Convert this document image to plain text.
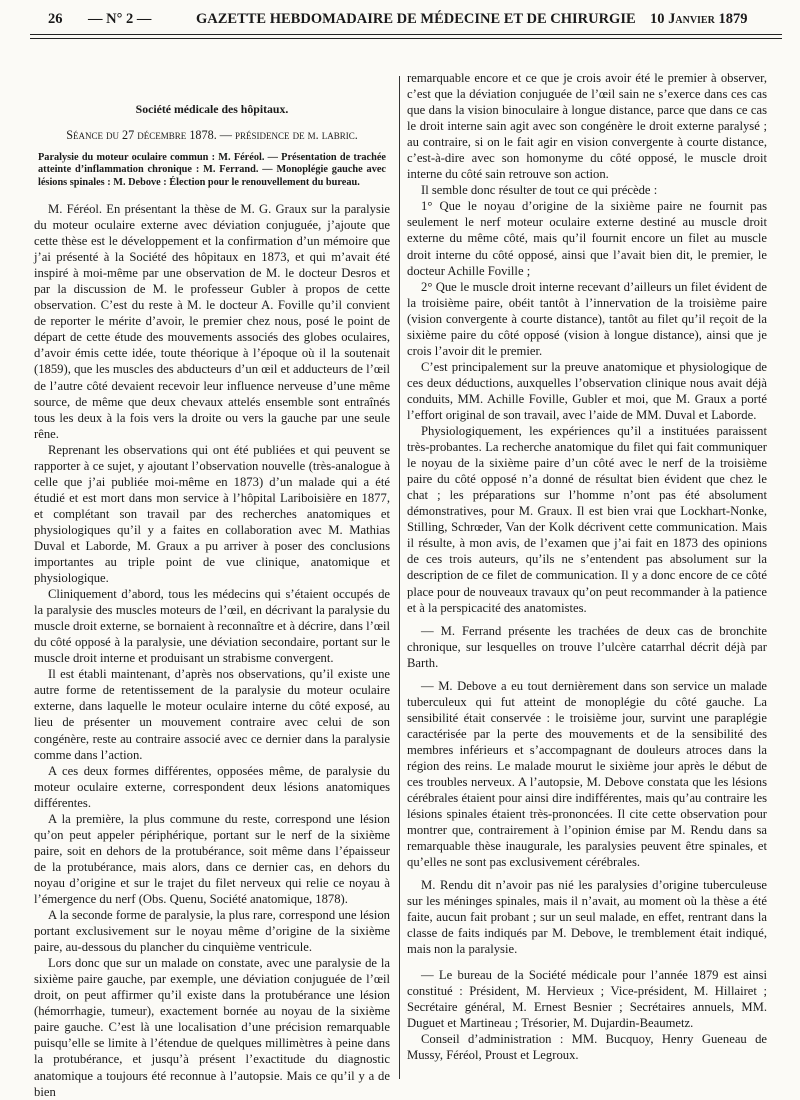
26 — N° 2 —	GAZETTE HEBDOMADAIRE DE MÉDECINE ET DE CHIRURGIE 10 Janvier 1879

Société médicale des hôpitaux.

Séance du 27 décembre 1878. — présidence de m. labric.

Paralysie du moteur oculaire commun : M. Féréol. — Présentation de trachée atteinte d’inflammation chronique : M. Ferrand. — Monoplégie gauche avec lésions spinales : M. Debove : Élection pour le renouvellement du bureau.

M. Féréol. En présentant la thèse de M. G. Graux sur la paralysie du moteur oculaire externe avec déviation conjuguée, j’ajoute que cette thèse est le développement et la confirmation d’un mémoire que j’ai présenté à la Société des hôpitaux en 1873, et qui m’avait été inspiré à moi-même par une observation de M. le docteur Desros et par la discussion de M. le professeur Gubler à propos de cette observation. C’est du reste à M. le docteur A. Foville qu’il convient de reporter le mérite d’avoir, le premier chez nous, posé le point de départ de cette étude des mouvements associés des globes oculaires, d’avoir émis cette idée, toute théorique à l’époque où il la soutenait (1859), que les muscles des abducteurs d’un œil et adducteurs de l’œil de l’autre côté devaient recevoir leur influence nerveuse d’une même source, de même que deux chevaux attelés ensemble sont entraînés tous les deux à la fois vers la droite ou vers la gauche par une seule rêne.

Reprenant les observations qui ont été publiées et qui peuvent se rapporter à ce sujet, y ajoutant l’observation nouvelle (très-analogue à celle que j’ai publiée moi-même en 1873) d’un malade qui a été étudié et est mort dans mon service à l’hôpital Lariboisière en 1877, et complétant son travail par des recherches anatomiques et physiologiques qu’il y a faites en collaboration avec M. Mathias Duval et Laborde, M. Graux a pu arriver à poser des conclusions importantes au triple point de vue clinique, anatomique et physiologique.

Cliniquement d’abord, tous les médecins qui s’étaient occupés de la paralysie des muscles moteurs de l’œil, en décrivant la paralysie du muscle droit externe, se bornaient à reconnaître et à décrire, dans l’œil du côté opposé à la paralysie, une déviation secondaire, portant sur le muscle droit interne et produisant un strabisme convergent.

Il est établi maintenant, d’après nos observations, qu’il existe une autre forme de retentissement de la paralysie du moteur oculaire externe, dans laquelle le moteur oculaire interne du côté exposé, au lieu de présenter un mouvement contraire avec celui de son congénère, reste au contraire associé avec ce dernier dans la paralysie comme dans l’action.

A ces deux formes différentes, opposées même, de paralysie du moteur oculaire externe, correspondent deux lésions anatomiques différentes.

A la première, la plus commune du reste, correspond une lésion qu’on peut appeler périphérique, portant sur le nerf de la sixième paire, soit en dehors de la protubérance, soit même dans l’épaisseur de la protubérance, mais alors, dans ce dernier cas, en dehors du noyau d’origine et sur le trajet du filet nerveux qui relie ce noyau à l’émergence du nerf (Obs. Quenu, Société anatomique, 1878).

A la seconde forme de paralysie, la plus rare, correspond une lésion portant exclusivement sur le noyau même d’origine de la sixième paire, au-dessous du plancher du cinquième ventricule.

Lors donc que sur un malade on constate, avec une paralysie de la sixième paire gauche, par exemple, une déviation conjuguée de l’œil droit, on peut affirmer qu’il existe dans la protubérance une lésion (hémorrhagie, tumeur), exactement bornée au noyau de la sixième paire gauche. C’est là une localisation d’une précision remarquable puisqu’elle se limite à l’étendue de quelques millimètres à peine dans la protubérance, et jusqu’à présent l’exactitude du diagnostic anatomique a toujours été reconnue à l’autopsie. Mais ce qu’il y a de bien

remarquable encore et ce que je crois avoir été le premier à observer, c’est que la déviation conjuguée de l’œil sain ne s’exerce dans ces cas que dans la vision binoculaire à longue distance, parce que dans ce cas le droit interne sain agit avec son congénère le droit externe paralysé ; au contraire, si on le fait agir en vision convergente à courte distance, c’est-à-dire avec son homonyme du côté opposé, le muscle droit interne du côté sain retrouve son action.

Il semble donc résulter de tout ce qui précède :

1° Que le noyau d’origine de la sixième paire ne fournit pas seulement le nerf moteur oculaire externe destiné au muscle droit externe du même côté, mais qu’il fournit encore un filet au muscle droit interne du côté opposé, ainsi que l’avait bien dit, le premier, le docteur Achille Foville ;

2° Que le muscle droit interne recevant d’ailleurs un filet évident de la troisième paire, obéit tantôt à l’innervation de la troisième paire (vision convergente à courte distance), tantôt au filet qu’il reçoit de la sixième paire du côté opposé (vision à longue distance), ainsi que je crois l’avoir dit le premier.

C’est principalement sur la preuve anatomique et physiologique de ces deux déductions, auxquelles l’observation clinique nous avait déjà conduits, MM. Achille Foville, Gubler et moi, que M. Graux a porté l’effort original de son travail, avec l’aide de MM. Duval et Laborde.

Physiologiquement, les expériences qu’il a instituées paraissent très-probantes. La recherche anatomique du filet qui fait communiquer le noyau de la sixième paire d’un côté avec le nerf de la troisième paire du côté opposé n’a donné de résultat bien évident que chez le chat ; les préparations sur l’homme n’ont pas été absolument démonstratives, pour M. Graux. Il est bien vrai que Lockhart-Nonke, Stilling, Schrœder, Van der Kolk décrivent cette communication. Mais il résulte, à mon avis, de l’examen que j’ai fait en 1873 des opinions de ces trois auteurs, qu’ils ne s’entendent pas absolument sur la description de ce filet de communication. Il y a donc encore de ce côté place pour de nouveaux travaux qu’on peut recommander à la patience et à la perspicacité des anatomistes.

— M. Ferrand présente les trachées de deux cas de bronchite chronique, sur lesquelles on trouve l’ulcère catarrhal décrit déjà par Barth.

— M. Debove a eu tout dernièrement dans son service un malade tuberculeux qui fut atteint de monoplégie du côté gauche. La sensibilité était conservée : le troisième jour, survint une paraplégie caractérisée par la perte des mouvements et de la sensibilité des membres inférieurs et s’accompagnant de douleurs atroces dans la région des reins. Le malade mourut le sixième jour après le début de ces troubles nerveux. A l’autopsie, M. Debove constata que les lésions cérébrales étaient pour ainsi dire indifférentes, mais qu’au contraire les lésions spinales étaient très-prononcées. Il cite cette observation pour montrer que, contrairement à l’opinion émise par M. Rendu dans sa remarquable thèse inaugurale, les paralysies peuvent être spinales, et qu’elles ne sont pas exclusivement cérébrales.

M. Rendu dit n’avoir pas nié les paralysies d’origine tuberculeuse sur les méninges spinales, mais il n’avait, au moment où la thèse a été faite, aucun fait probant ; sur un seul malade, en effet, rentrant dans la classe de faits indiqués par M. Debove, le tremblement était indiqué, mais non la paralysie.

— Le bureau de la Société médicale pour l’année 1879 est ainsi constitué : Président, M. Hervieux ; Vice-président, M. Hillairet ; Secrétaire général, M. Ernest Besnier ; Secrétaires annuels, MM. Duguet et Martineau ; Trésorier, M. Dujardin-Beaumetz.

Conseil d’administration : MM. Bucquoy, Henry Gueneau de Mussy, Féréol, Proust et Legroux.
